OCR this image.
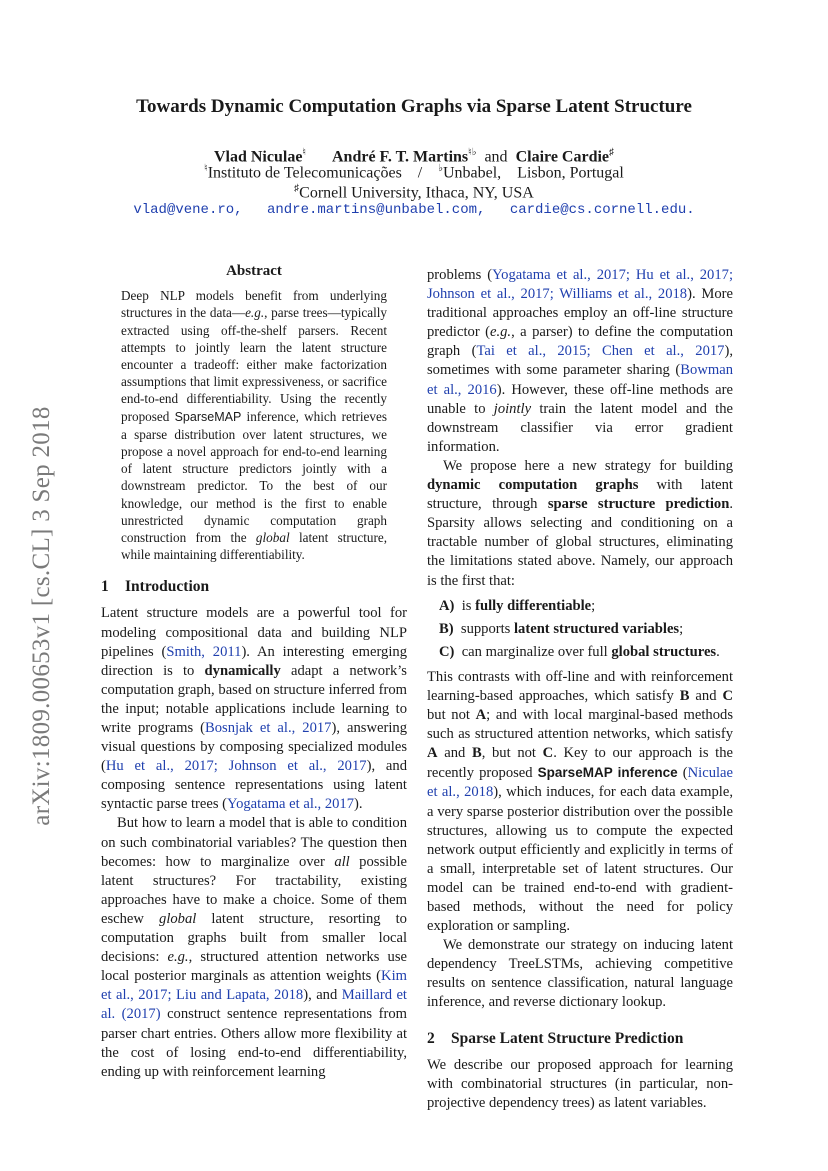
arXiv:1809.00653v1 [cs.CL] 3 Sep 2018
Towards Dynamic Computation Graphs via Sparse Latent Structure
Vlad Niculae♮ André F. T. Martins♮♭ and Claire Cardie♯
♮Instituto de Telecomunicações / ♭Unbabel,    Lisbon, Portugal
♯Cornell University, Ithaca, NY, USA
vlad@vene.ro, andre.martins@unbabel.com, cardie@cs.cornell.edu.
Abstract
Deep NLP models benefit from underlying structures in the data—e.g., parse trees—typically extracted using off-the-shelf parsers. Recent attempts to jointly learn the latent structure encounter a tradeoff: either make factorization assumptions that limit expressiveness, or sacrifice end-to-end differentiability. Using the recently proposed SparseMAP inference, which retrieves a sparse distribution over latent structures, we propose a novel approach for end-to-end learning of latent structure predictors jointly with a downstream predictor. To the best of our knowledge, our method is the first to enable unrestricted dynamic computation graph construction from the global latent structure, while maintaining differentiability.
1 Introduction

Latent structure models are a powerful tool for modeling compositional data and building NLP pipelines (Smith, 2011). An interesting emerging direction is to dynamically adapt a network’s computation graph, based on structure inferred from the input; notable applications include learning to write programs (Bosnjak et al., 2017), answering visual questions by composing specialized modules (Hu et al., 2017; Johnson et al., 2017), and composing sentence representations using latent syntactic parse trees (Yogatama et al., 2017).

But how to learn a model that is able to condition on such combinatorial variables? The question then becomes: how to marginalize over all possible latent structures? For tractability, existing approaches have to make a choice. Some of them eschew global latent structure, resorting to computation graphs built from smaller local decisions: e.g., structured attention networks use local posterior marginals as attention weights (Kim et al., 2017; Liu and Lapata, 2018), and Maillard et al. (2017) construct sentence representations from parser chart entries. Others allow more flexibility at the cost of losing end-to-end differentiability, ending up with reinforcement learning

problems (Yogatama et al., 2017; Hu et al., 2017; Johnson et al., 2017; Williams et al., 2018). More traditional approaches employ an off-line structure predictor (e.g., a parser) to define the computation graph (Tai et al., 2015; Chen et al., 2017), sometimes with some parameter sharing (Bowman et al., 2016). However, these off-line methods are unable to jointly train the latent model and the downstream classifier via error gradient information.

We propose here a new strategy for building dynamic computation graphs with latent structure, through sparse structure prediction. Sparsity allows selecting and conditioning on a tractable number of global structures, eliminating the limitations stated above. Namely, our approach is the first that:

A) is fully differentiable;
B) supports latent structured variables;
C) can marginalize over full global structures.

This contrasts with off-line and with reinforcement learning-based approaches, which satisfy B and C but not A; and with local marginal-based methods such as structured attention networks, which satisfy A and B, but not C. Key to our approach is the recently proposed SparseMAP inference (Niculae et al., 2018), which induces, for each data example, a very sparse posterior distribution over the possible structures, allowing us to compute the expected network output efficiently and explicitly in terms of a small, interpretable set of latent structures. Our model can be trained end-to-end with gradient-based methods, without the need for policy exploration or sampling.

We demonstrate our strategy on inducing latent dependency TreeLSTMs, achieving competitive results on sentence classification, natural language inference, and reverse dictionary lookup.

2 Sparse Latent Structure Prediction

We describe our proposed approach for learning with combinatorial structures (in particular, non-projective dependency trees) as latent variables.
